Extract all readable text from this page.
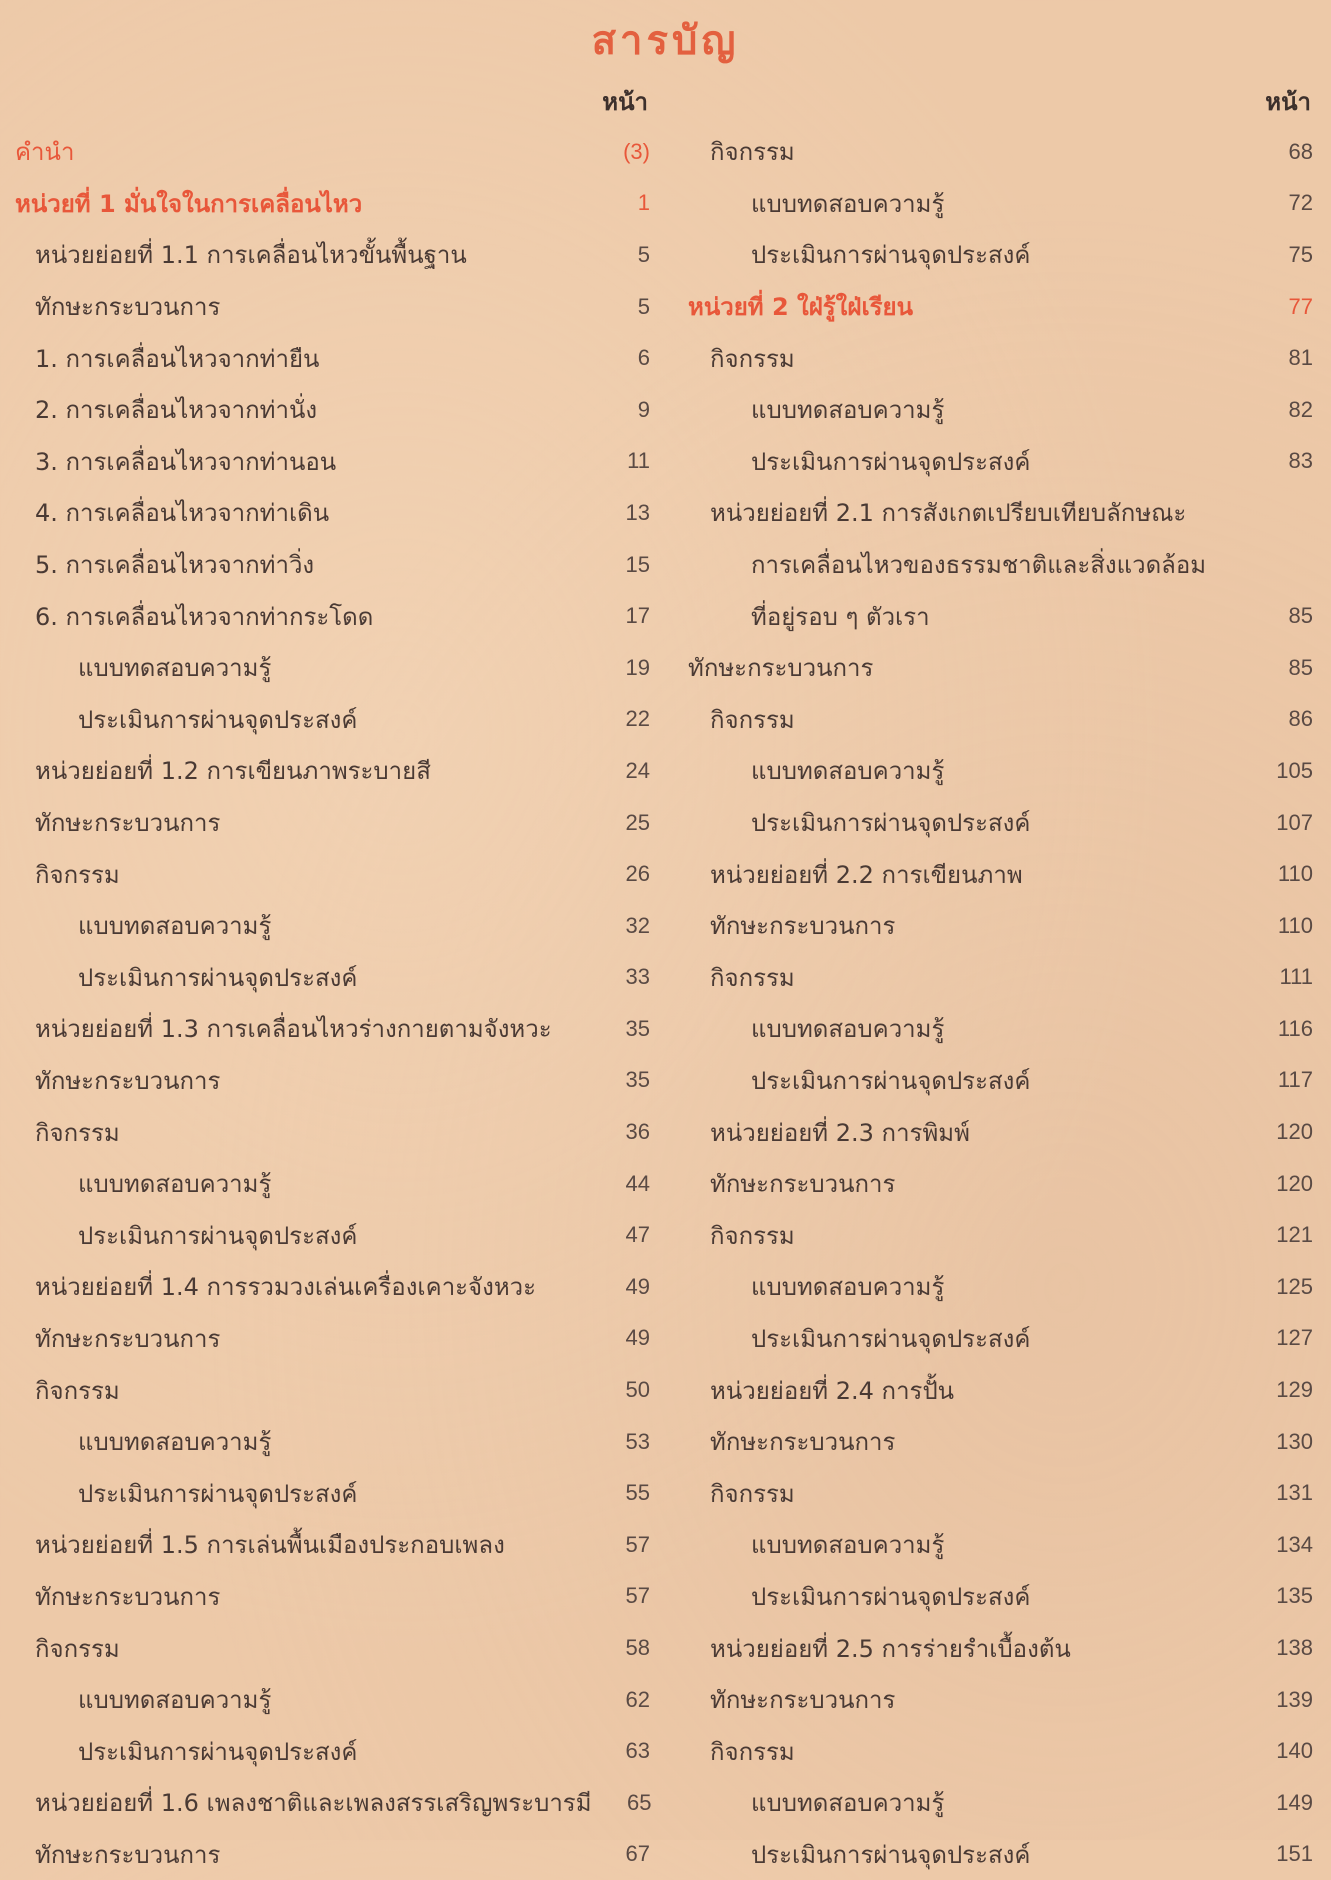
สารบัญ
หน้า
คำนำ	(3)
หน่วยที่ 1 มั่นใจในการเคลื่อนไหว	1
หน่วยย่อยที่ 1.1 การเคลื่อนไหวขั้นพื้นฐาน	5
ทักษะกระบวนการ	5
1. การเคลื่อนไหวจากท่ายืน	6
2. การเคลื่อนไหวจากท่านั่ง	9
3. การเคลื่อนไหวจากท่านอน	11
4. การเคลื่อนไหวจากท่าเดิน	13
5. การเคลื่อนไหวจากท่าวิ่ง	15
6. การเคลื่อนไหวจากท่ากระโดด	17
แบบทดสอบความรู้	19
ประเมินการผ่านจุดประสงค์	22
หน่วยย่อยที่ 1.2 การเขียนภาพระบายสี	24
ทักษะกระบวนการ	25
กิจกรรม	26
แบบทดสอบความรู้	32
ประเมินการผ่านจุดประสงค์	33
หน่วยย่อยที่ 1.3 การเคลื่อนไหวร่างกายตามจังหวะ	35
ทักษะกระบวนการ	35
กิจกรรม	36
แบบทดสอบความรู้	44
ประเมินการผ่านจุดประสงค์	47
หน่วยย่อยที่ 1.4 การรวมวงเล่นเครื่องเคาะจังหวะ	49
ทักษะกระบวนการ	49
กิจกรรม	50
แบบทดสอบความรู้	53
ประเมินการผ่านจุดประสงค์	55
หน่วยย่อยที่ 1.5 การเล่นพื้นเมืองประกอบเพลง	57
ทักษะกระบวนการ	57
กิจกรรม	58
แบบทดสอบความรู้	62
ประเมินการผ่านจุดประสงค์	63
หน่วยย่อยที่ 1.6 เพลงชาติและเพลงสรรเสริญพระบารมี	65
ทักษะกระบวนการ	67
หน้า
กิจกรรม	68
แบบทดสอบความรู้	72
ประเมินการผ่านจุดประสงค์	75
หน่วยที่ 2 ใฝ่รู้ใฝ่เรียน	77
กิจกรรม	81
แบบทดสอบความรู้	82
ประเมินการผ่านจุดประสงค์	83
หน่วยย่อยที่ 2.1 การสังเกตเปรียบเทียบลักษณะ
การเคลื่อนไหวของธรรมชาติและสิ่งแวดล้อม
ที่อยู่รอบ ๆ ตัวเรา	85
ทักษะกระบวนการ	85
กิจกรรม	86
แบบทดสอบความรู้	105
ประเมินการผ่านจุดประสงค์	107
หน่วยย่อยที่ 2.2 การเขียนภาพ	110
ทักษะกระบวนการ	110
กิจกรรม	111
แบบทดสอบความรู้	116
ประเมินการผ่านจุดประสงค์	117
หน่วยย่อยที่ 2.3 การพิมพ์	120
ทักษะกระบวนการ	120
กิจกรรม	121
แบบทดสอบความรู้	125
ประเมินการผ่านจุดประสงค์	127
หน่วยย่อยที่ 2.4 การปั้น	129
ทักษะกระบวนการ	130
กิจกรรม	131
แบบทดสอบความรู้	134
ประเมินการผ่านจุดประสงค์	135
หน่วยย่อยที่ 2.5 การร่ายรำเบื้องต้น	138
ทักษะกระบวนการ	139
กิจกรรม	140
แบบทดสอบความรู้	149
ประเมินการผ่านจุดประสงค์	151
